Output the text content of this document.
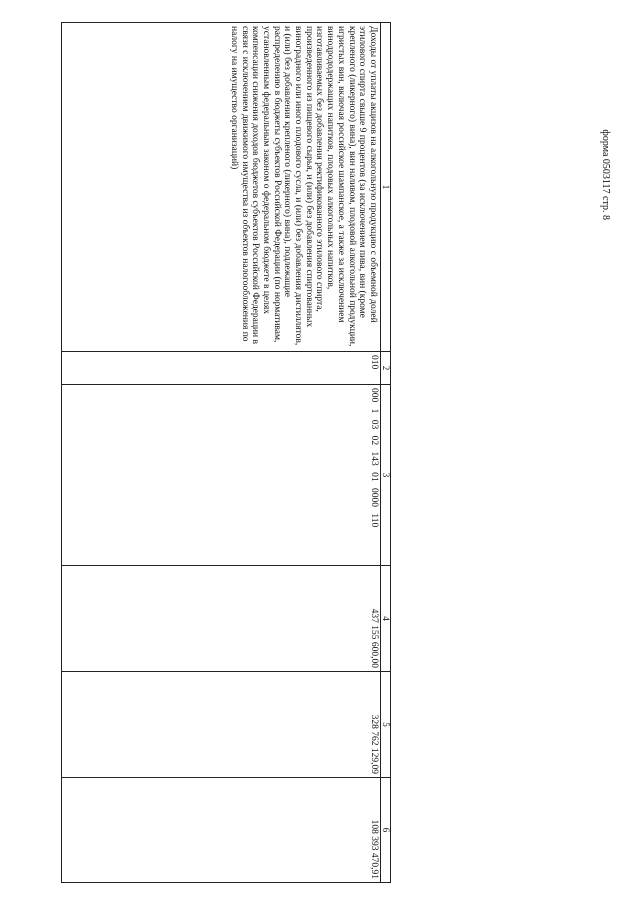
форма 0503117 стр. 8
1	2	3	4	5	6
Доходы от уплаты акцизов на алкогольную продукцию с объемной долей этилового спирта свыше 9 процентов (за исключением пива, вин (кроме крепленого (ликерного) вина), вин наливом, плодовой алкогольной продукции, игристых вин, включая российское шампанское, а также за исключением винодрододержащих напитков, плодовых алкогольных напитков, изготавливаемых без добавления ректификованного этилового спирта, произведенного из пищевого сырья, и (или) без добавления спиртованных виноградного или иного плодового сусла, и (или) без добавления дистиллятов, и (или) без добавления крепленого (ликерного) вина), подлежащие распределению в бюджеты субъектов Российской Федерации (по нормативам, установленным федеральным законом о федеральном бюджете в целях компенсации снижения доходов бюджетов субъектов Российской Федерации в связи с исключением движимого имущества из объектов налогообложения по налогу на имущество организаций)	010	000 1 03 02 143 01 0000 110	437 155 600,00	328 762 129,09	108 393 470,91
